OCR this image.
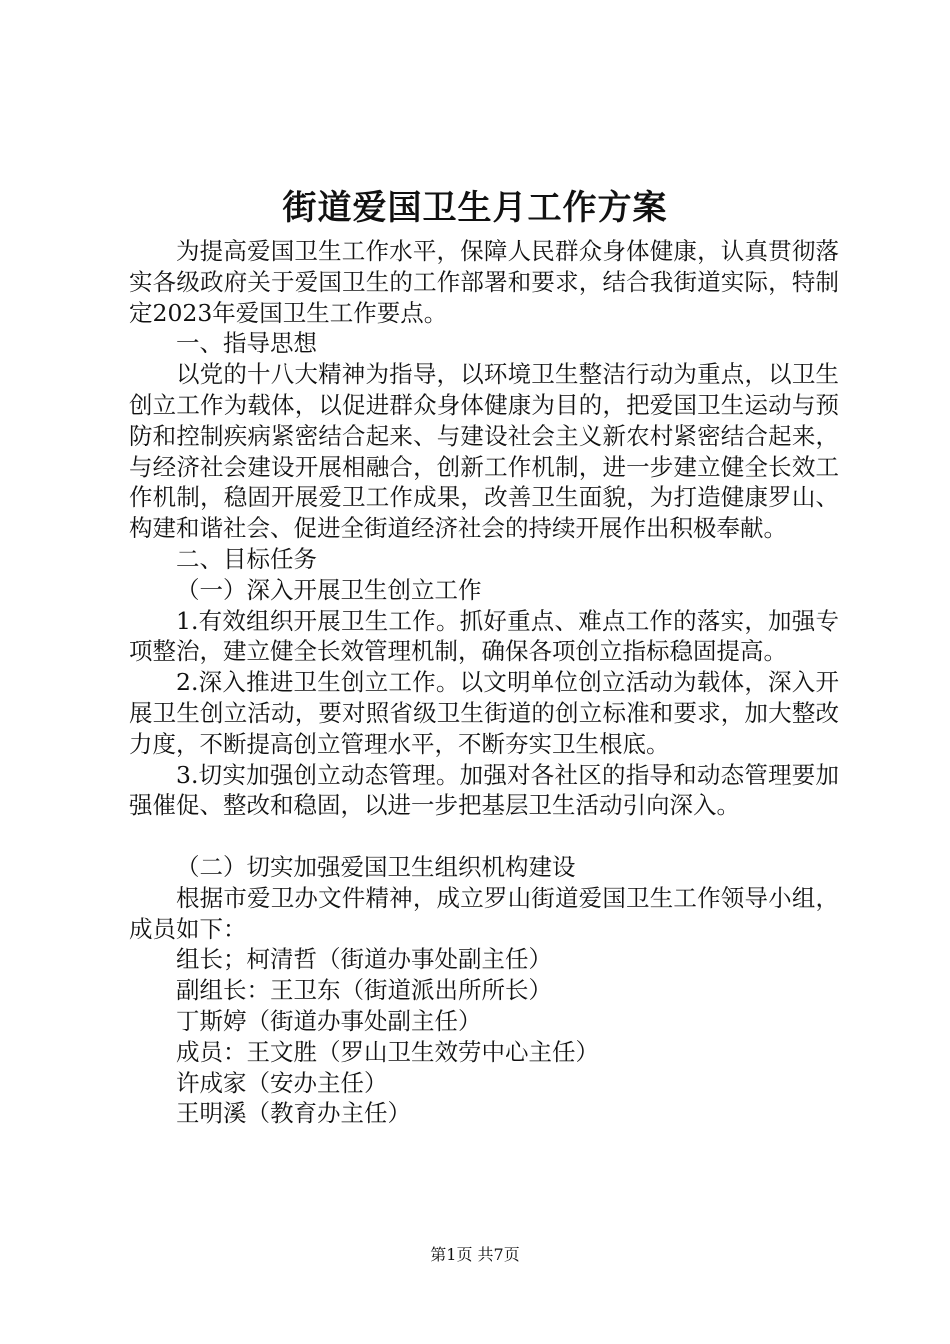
街道爱国卫生月工作方案

为提高爱国卫生工作水平，保障人民群众身体健康，认真贯彻落实各级政府关于爱国卫生的工作部署和要求，结合我街道实际，特制定2023年爱国卫生工作要点。

一、指导思想

以党的十八大精神为指导，以环境卫生整洁行动为重点，以卫生创立工作为载体，以促进群众身体健康为目的，把爱国卫生运动与预防和控制疾病紧密结合起来、与建设社会主义新农村紧密结合起来，与经济社会建设开展相融合，创新工作机制，进一步建立健全长效工作机制，稳固开展爱卫工作成果，改善卫生面貌，为打造健康罗山、构建和谐社会、促进全街道经济社会的持续开展作出积极奉献。

二、目标任务

（一）深入开展卫生创立工作

1.有效组织开展卫生工作。抓好重点、难点工作的落实，加强专项整治，建立健全长效管理机制，确保各项创立指标稳固提高。

2.深入推进卫生创立工作。以文明单位创立活动为载体，深入开展卫生创立活动，要对照省级卫生街道的创立标准和要求，加大整改力度，不断提高创立管理水平，不断夯实卫生根底。

3.切实加强创立动态管理。加强对各社区的指导和动态管理要加强催促、整改和稳固，以进一步把基层卫生活动引向深入。

（二）切实加强爱国卫生组织机构建设

根据市爱卫办文件精神，成立罗山街道爱国卫生工作领导小组，成员如下：

组长；柯清哲（街道办事处副主任）

副组长：王卫东（街道派出所所长）

丁斯婷（街道办事处副主任）

成员：王文胜（罗山卫生效劳中心主任）

许成家（安办主任）

王明溪（教育办主任）

第1页 共7页
